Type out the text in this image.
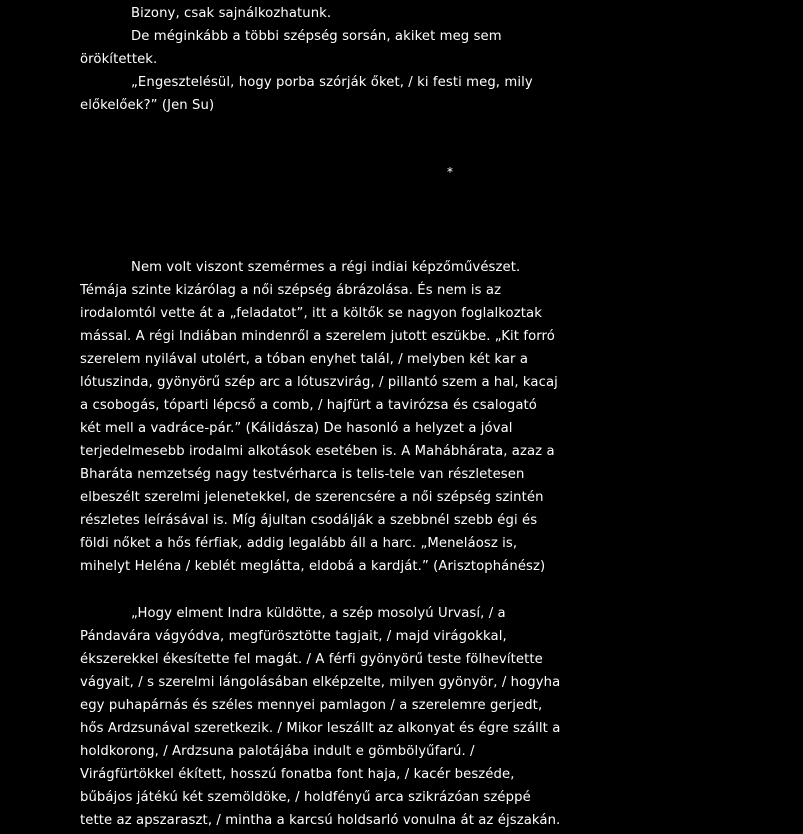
Bizony, csak sajnálkozhatunk.
De méginkább a többi szépség sorsán, akiket meg sem
örökítettek.
„Engesztelésül, hogy porba szórják őket, / ki festi meg, mily
előkelőek?” (Jen Su)
*
Nem volt viszont szemérmes a régi indiai képzőművészet.
Témája szinte kizárólag a női szépség ábrázolása. És nem is az
irodalomtól vette át a „feladatot”, itt a költők se nagyon foglalkoztak
mással. A régi Indiában mindenről a szerelem jutott eszükbe. „Kit forró
szerelem nyilával utolért, a tóban enyhet talál, / melyben két kar a
lótuszinda, gyönyörű szép arc a lótuszvirág, / pillantó szem a hal, kacaj
a csobogás, tóparti lépcső a comb, / hajfürt a tavirózsa és csalogató
két mell a vadráce-pár.” (Kálidásza) De hasonló a helyzet a jóval
terjedelmesebb irodalmi alkotások esetében is. A Mahábhárata, azaz a
Bharáta nemzetség nagy testvérharca is telis-tele van részletesen
elbeszélt szerelmi jelenetekkel, de szerencsére a női szépség szintén
részletes leírásával is. Míg ájultan csodálják a szebbnél szebb égi és
földi nőket a hős férfiak, addig legalább áll a harc. „Meneláosz is,
mihelyt Heléna / keblét meglátta, eldobá a kardját.” (Arisztophánész)
„Hogy elment Indra küldötte, a szép mosolyú Urvasí, / a
Pándavára vágyódva, megfürösztötte tagjait, / majd virágokkal,
ékszerekkel ékesítette fel magát. / A férfi gyönyörű teste fölhevítette
vágyait, / s szerelmi lángolásában elképzelte, milyen gyönyör, / hogyha
egy puhapárnás és széles mennyei pamlagon / a szerelemre gerjedt,
hős Ardzsunával szeretkezik. / Mikor leszállt az alkonyat és égre szállt a
holdkorong, / Ardzsuna palotájába indult e gömbölyűfarú. /
Virágfürtökkel ékített, hosszú fonatba font haja, / kacér beszéde,
bűbájos játékú két szemöldöke, / holdfényű arca szikrázóan széppé
tette az apszaraszt, / mintha a karcsú holdsarló vonulna át az éjszakán.
